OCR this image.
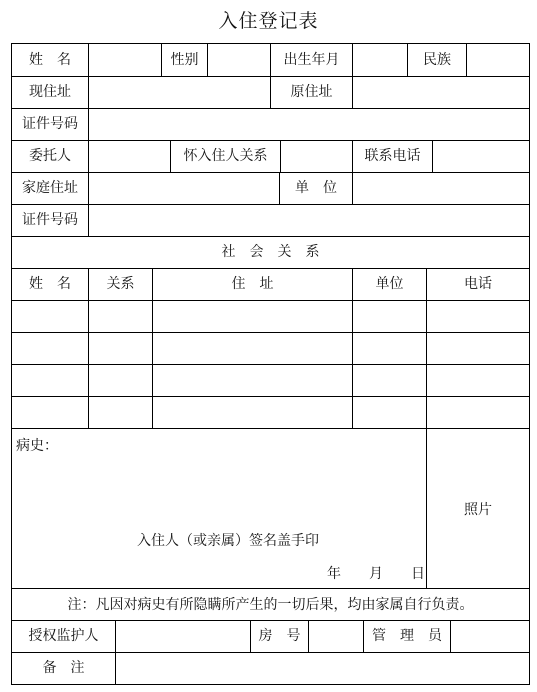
入住登记表
姓　名	性别	出生年月	民族
现住址	原住址
证件号码
委托人	怀入住人关系	联系电话
家庭住址	单　位
证件号码
社　会　关　系
姓　名	关系	住　址	单位	电话
病史：
照片
入住人（或亲属）签名盖手印
年　　月　　日
注：凡因对病史有所隐瞒所产生的一切后果，均由家属自行负责。
授权监护人	房　号	管　理　员
备　注
